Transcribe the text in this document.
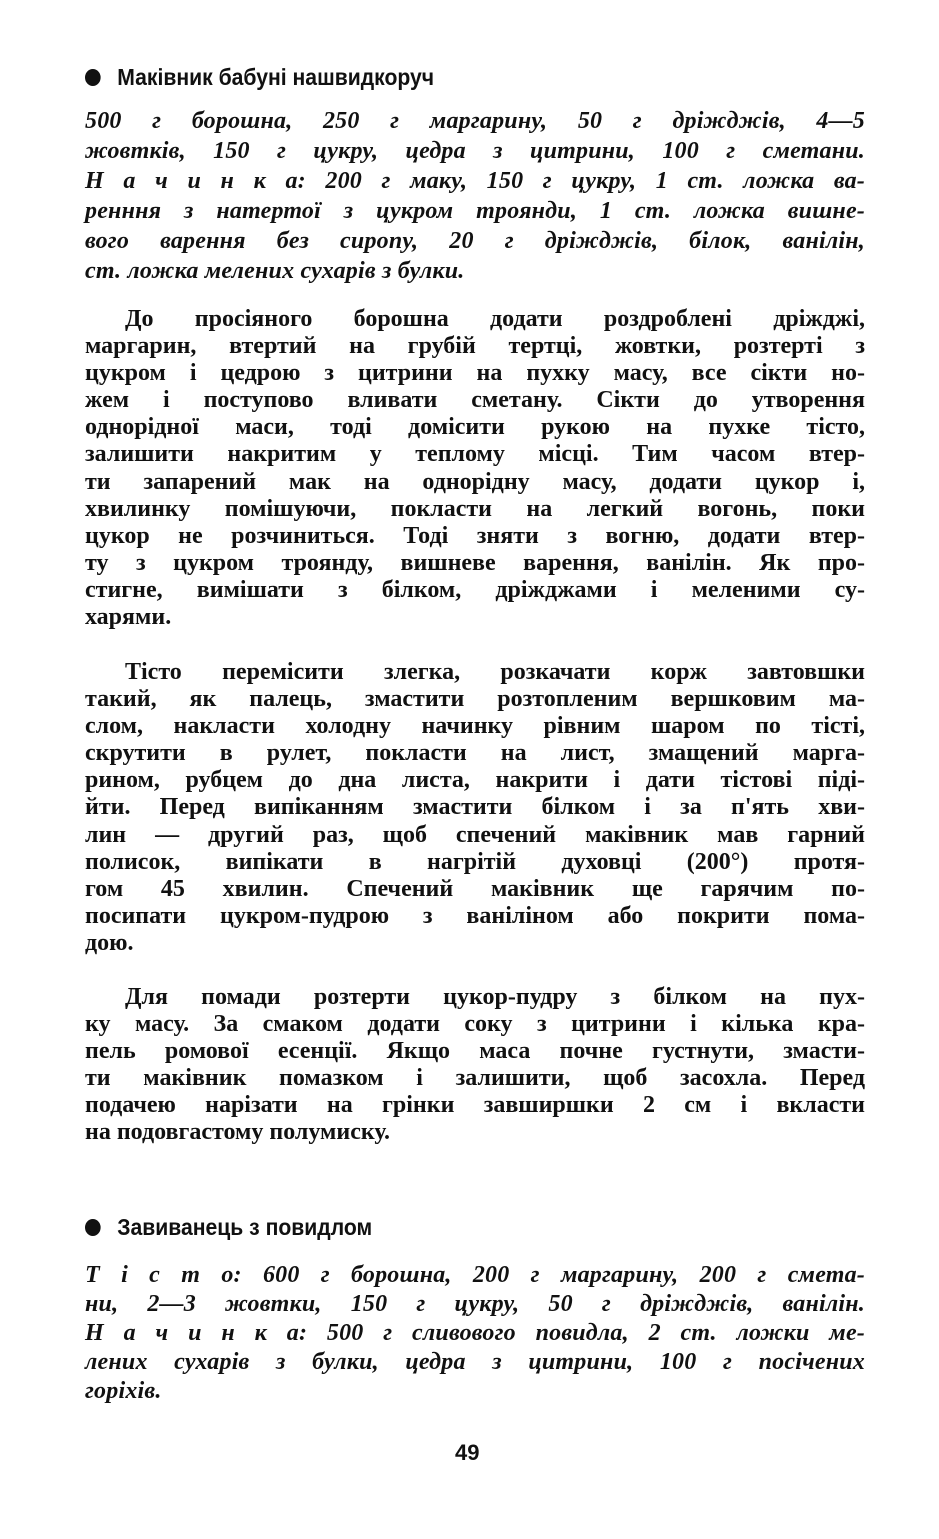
Маківник бабуні нашвидкоруч
500 г борошна, 250 г маргарину, 50 г дріжджів, 4—5
жовтків, 150 г цукру, цедра з цитрини, 100 г сметани.
Н а ч и н к а: 200 г маку, 150 г цукру, 1 ст. ложка ва-
ренння з натертої з цукром троянди, 1 ст. ложка вишне-
вого варення без сиропу, 20 г дріжджів, білок, ванілін,
ст. ложка мелених сухарів з булки.
До просіяного борошна додати роздроблені дріжджі,
маргарин, втертий на грубій тертці, жовтки, розтерті з
цукром і цедрою з цитрини на пухку масу, все сікти но-
жем і поступово вливати сметану. Сікти до утворення
однорідної маси, тоді домісити рукою на пухке тісто,
залишити накритим у теплому місці. Тим часом втер-
ти запарений мак на однорідну масу, додати цукор і,
хвилинку помішуючи, покласти на легкий вогонь, поки
цукор не розчиниться. Тоді зняти з вогню, додати втер-
ту з цукром троянду, вишневе варення, ванілін. Як про-
стигне, вимішати з білком, дріжджами і меленими су-
харями.
Тісто перемісити злегка, розкачати корж завтовшки
такий, як палець, змастити розтопленим вершковим ма-
слом, накласти холодну начинку рівним шаром по тісті,
скрутити в рулет, покласти на лист, змащений марга-
рином, рубцем до дна листа, накрити і дати тістові піді-
йти. Перед випіканням змастити білком і за п'ять хви-
лин — другий раз, щоб спечений маківник мав гарний
полисок, випікати в нагрітій духовці (200°) протя-
гом 45 хвилин. Спечений маківник ще гарячим по-
посипати цукром-пудрою з ваніліном або покрити пома-
дою.
Для помади розтерти цукор-пудру з білком на пух-
ку масу. За смаком додати соку з цитрини і кілька кра-
пель ромової есенції. Якщо маса почне густнути, змасти-
ти маківник помазком і залишити, щоб засохла. Перед
подачею нарізати на грінки завширшки 2 см і вкласти
на подовгастому полумиску.
Завиванець з повидлом
Т і с т о: 600 г борошна, 200 г маргарину, 200 г смета-
ни, 2—3 жовтки, 150 г цукру, 50 г дріжджів, ванілін.
Н а ч и н к а: 500 г сливового повидла, 2 ст. ложки ме-
лених сухарів з булки, цедра з цитрини, 100 г посічених
горіхів.
49
